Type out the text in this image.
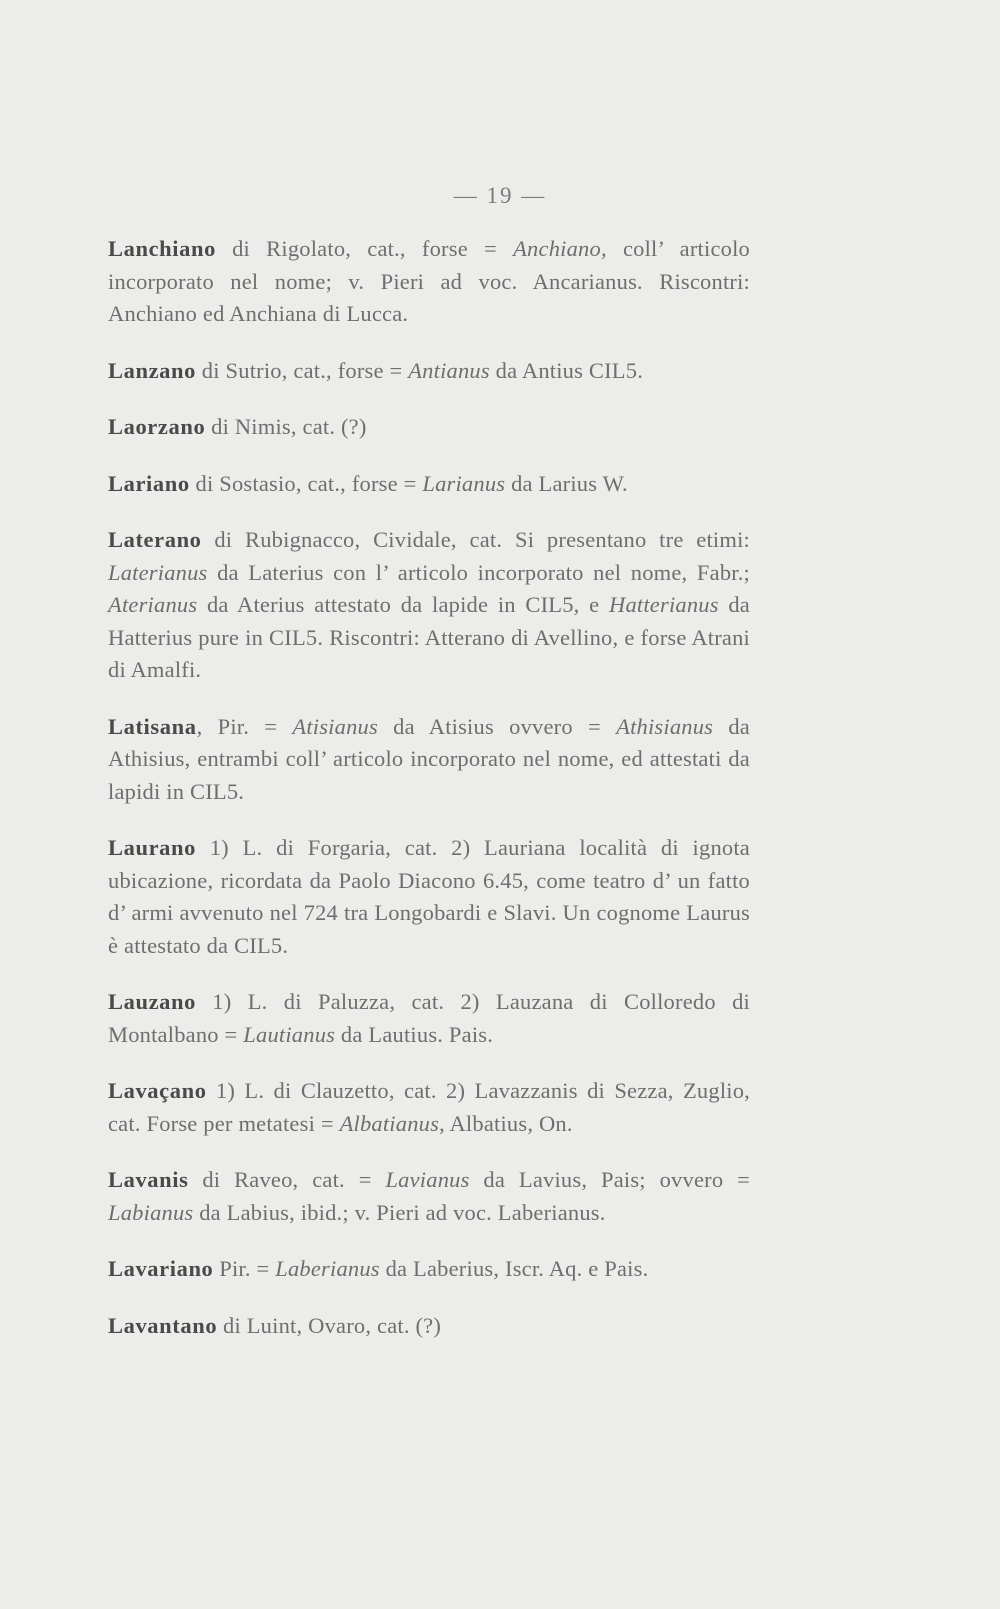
— 19 —

Lanchiano di Rigolato, cat., forse = Anchiano, coll’ articolo incorporato nel nome; v. Pieri ad voc. Ancarianus. Riscontri: Anchiano ed Anchiana di Lucca.

Lanzano di Sutrio, cat., forse = Antianus da Antius CIL5.

Laorzano di Nimis, cat. (?)

Lariano di Sostasio, cat., forse = Larianus da Larius W.

Laterano di Rubignacco, Cividale, cat. Si presentano tre etimi: Laterianus da Laterius con l’ articolo incorporato nel nome, Fabr.; Aterianus da Aterius attestato da lapide in CIL5, e Hatterianus da Hatterius pure in CIL5. Riscontri: Atterano di Avellino, e forse Atrani di Amalfi.

Latisana, Pir. = Atisianus da Atisius ovvero = Athisianus da Athisius, entrambi coll’ articolo incorporato nel nome, ed attestati da lapidi in CIL5.

Laurano 1) L. di Forgaria, cat. 2) Lauriana località di ignota ubicazione, ricordata da Paolo Diacono 6.45, come teatro d’ un fatto d’ armi avvenuto nel 724 tra Longobardi e Slavi. Un cognome Laurus è attestato da CIL5.

Lauzano 1) L. di Paluzza, cat. 2) Lauzana di Colloredo di Montalbano = Lautianus da Lautius. Pais.

Lavaçano 1) L. di Clauzetto, cat. 2) Lavazzanis di Sezza, Zuglio, cat. Forse per metatesi = Albatianus, Albatius, On.

Lavanis di Raveo, cat. = Lavianus da Lavius, Pais; ovvero = Labianus da Labius, ibid.; v. Pieri ad voc. Laberianus.

Lavariano Pir. = Laberianus da Laberius, Iscr. Aq. e Pais.

Lavantano di Luint, Ovaro, cat. (?)
